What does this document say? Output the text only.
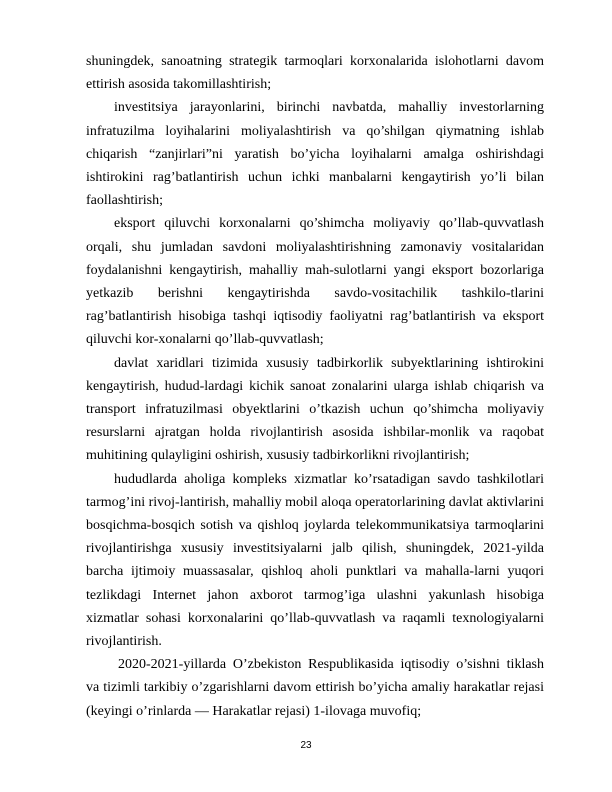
shuningdek, sanoatning strategik tarmoqlari korxonalarida islohotlarni davom ettirish asosida takomillashtirish;

investitsiya jarayonlarini, birinchi navbatda, mahalliy investorlarning infratuzilma loyihalarini moliyalashtirish va qo’shilgan qiymatning ishlab chiqarish “zanjirlari”ni yaratish bo’yicha loyihalarni amalga oshirishdagi ishtirokini rag’batlantirish uchun ichki manbalarni kengaytirish yo’li bilan faollashtirish;

eksport qiluvchi korxonalarni qo’shimcha moliyaviy qo’llab-quvvatlash orqali, shu jumladan savdoni moliyalashtirishning zamonaviy vositalaridan foydalanishni kengaytirish, mahalliy mah-sulotlarni yangi eksport bozorlariga yetkazib berishni kengaytirishda savdo-vositachilik tashkilo-tlarini rag’batlantirish hisobiga tashqi iqtisodiy faoliyatni rag’batlantirish va eksport qiluvchi kor-xonalarni qo’llab-quvvatlash;

davlat xaridlari tizimida xususiy tadbirkorlik subyektlarining ishtirokini kengaytirish, hudud-lardagi kichik sanoat zonalarini ularga ishlab chiqarish va transport infratuzilmasi obyektlarini o’tkazish uchun qo’shimcha moliyaviy resurslarni ajratgan holda rivojlantirish asosida ishbilar-monlik va raqobat muhitining qulayligini oshirish, xususiy tadbirkorlikni rivojlantirish;

hududlarda aholiga kompleks xizmatlar ko’rsatadigan savdo tashkilotlari tarmog’ini rivoj-lantirish, mahalliy mobil aloqa operatorlarining davlat aktivlarini bosqichma-bosqich sotish va qishloq joylarda telekommunikatsiya tarmoqlarini rivojlantirishga xususiy investitsiyalarni jalb qilish, shuningdek, 2021-yilda barcha ijtimoiy muassasalar, qishloq aholi punktlari va mahalla-larni yuqori tezlikdagi Internet jahon axborot tarmog’iga ulashni yakunlash hisobiga xizmatlar sohasi korxonalarini qo’llab-quvvatlash va raqamli texnologiyalarni rivojlantirish.

2020-2021-yillarda O’zbekiston Respublikasida iqtisodiy o’sishni tiklash va tizimli tarkibiy o’zgarishlarni davom ettirish bo’yicha amaliy harakatlar rejasi (keyingi o’rinlarda — Harakatlar rejasi) 1-ilovaga muvofiq;

23
